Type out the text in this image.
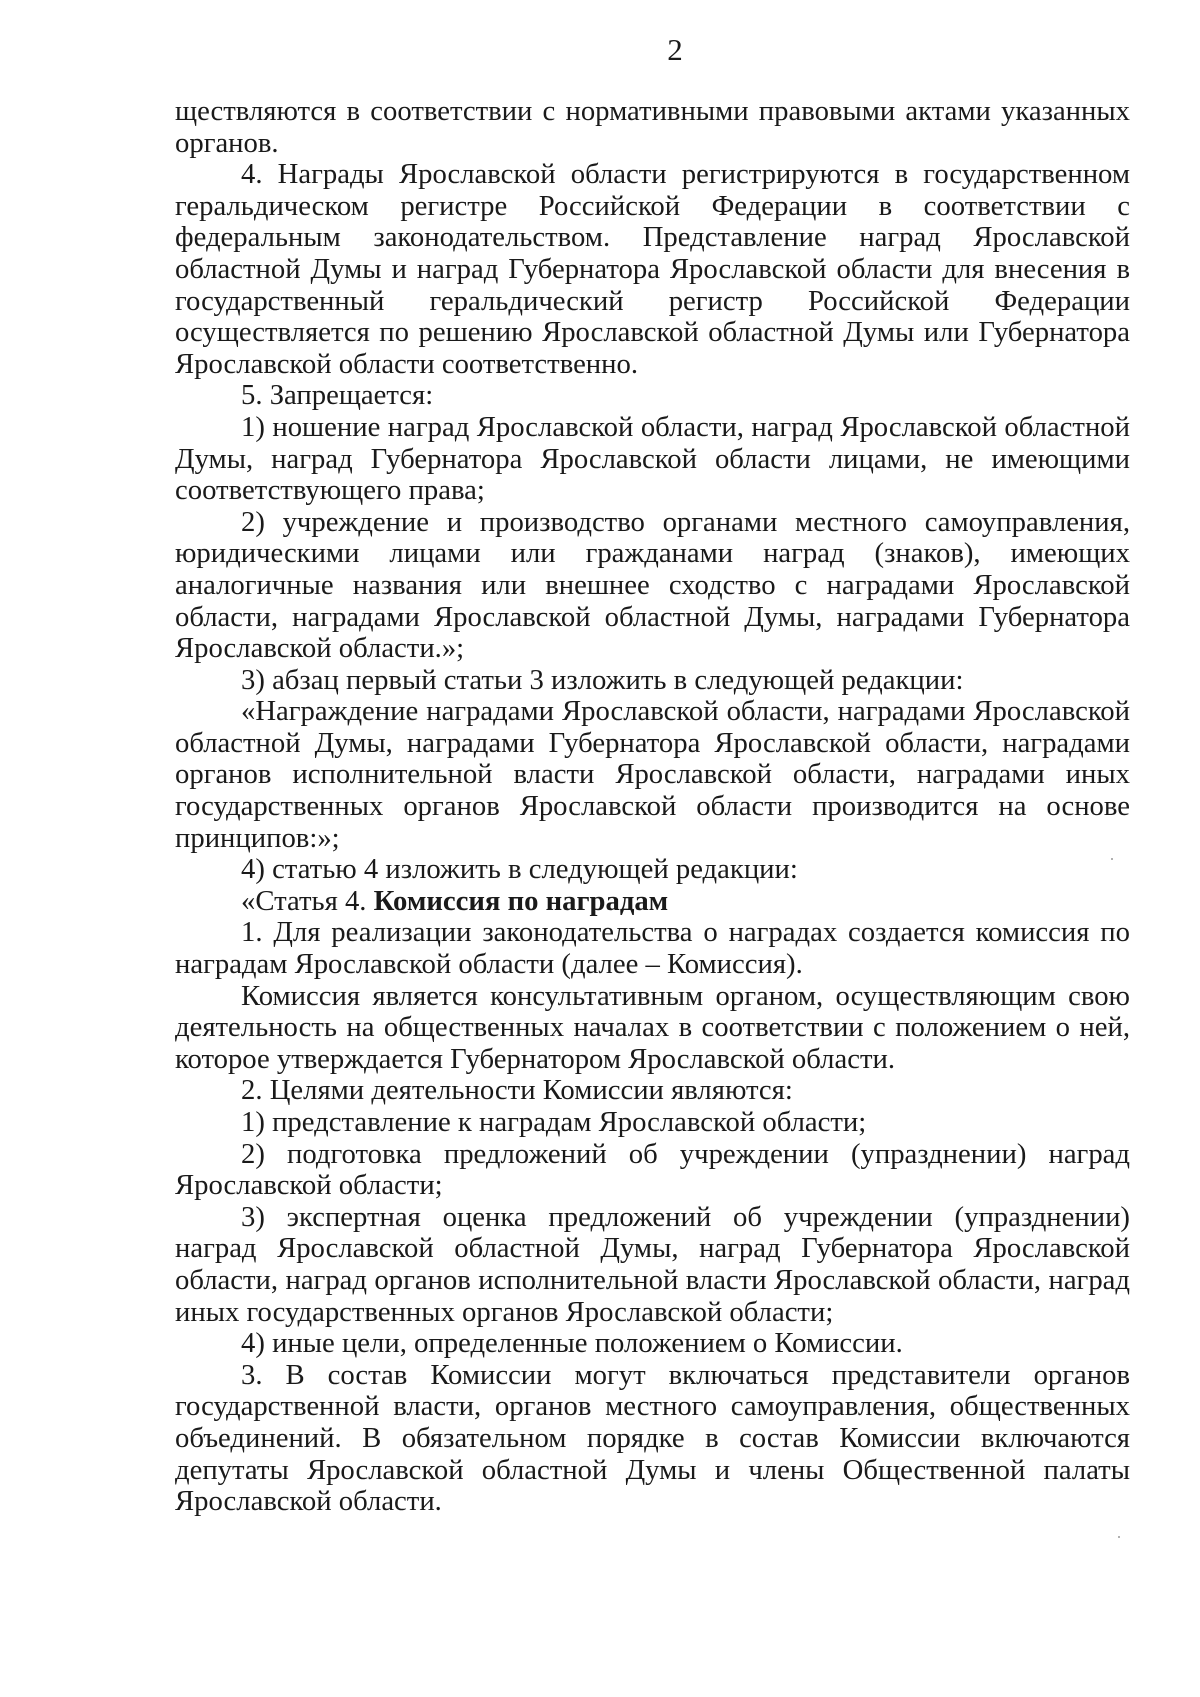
2

ществляются в соответствии с нормативными правовыми актами указанных органов.

4. Награды Ярославской области регистрируются в государственном геральдическом регистре Российской Федерации в соответствии с федеральным законодательством. Представление наград Ярославской областной Думы и наград Губернатора Ярославской области для внесения в государственный геральдический регистр Российской Федерации осуществляется по решению Ярославской областной Думы или Губернатора Ярославской области соответственно.

5. Запрещается:

1) ношение наград Ярославской области, наград Ярославской областной Думы, наград Губернатора Ярославской области лицами, не имеющими соответствующего права;

2) учреждение и производство органами местного самоуправления, юридическими лицами или гражданами наград (знаков), имеющих аналогичные названия или внешнее сходство с наградами Ярославской области, наградами Ярославской областной Думы, наградами Губернатора Ярославской области.»;

3) абзац первый статьи 3 изложить в следующей редакции:

«Награждение наградами Ярославской области, наградами Ярославской областной Думы, наградами Губернатора Ярославской области, наградами органов исполнительной власти Ярославской области, наградами иных государственных органов Ярославской области производится на основе принципов:»;

4) статью 4 изложить в следующей редакции:

«Статья 4. Комиссия по наградам

1. Для реализации законодательства о наградах создается комиссия по наградам Ярославской области (далее – Комиссия).

Комиссия является консультативным органом, осуществляющим свою деятельность на общественных началах в соответствии с положением о ней, которое утверждается Губернатором Ярославской области.

2. Целями деятельности Комиссии являются:

1) представление к наградам Ярославской области;

2) подготовка предложений об учреждении (упразднении) наград Ярославской области;

3) экспертная оценка предложений об учреждении (упразднении) наград Ярославской областной Думы, наград Губернатора Ярославской области, наград органов исполнительной власти Ярославской области, наград иных государственных органов Ярославской области;

4) иные цели, определенные положением о Комиссии.

3. В состав Комиссии могут включаться представители органов государственной власти, органов местного самоуправления, общественных объединений. В обязательном порядке в состав Комиссии включаются депутаты Ярославской областной Думы и члены Общественной палаты Ярославской области.
